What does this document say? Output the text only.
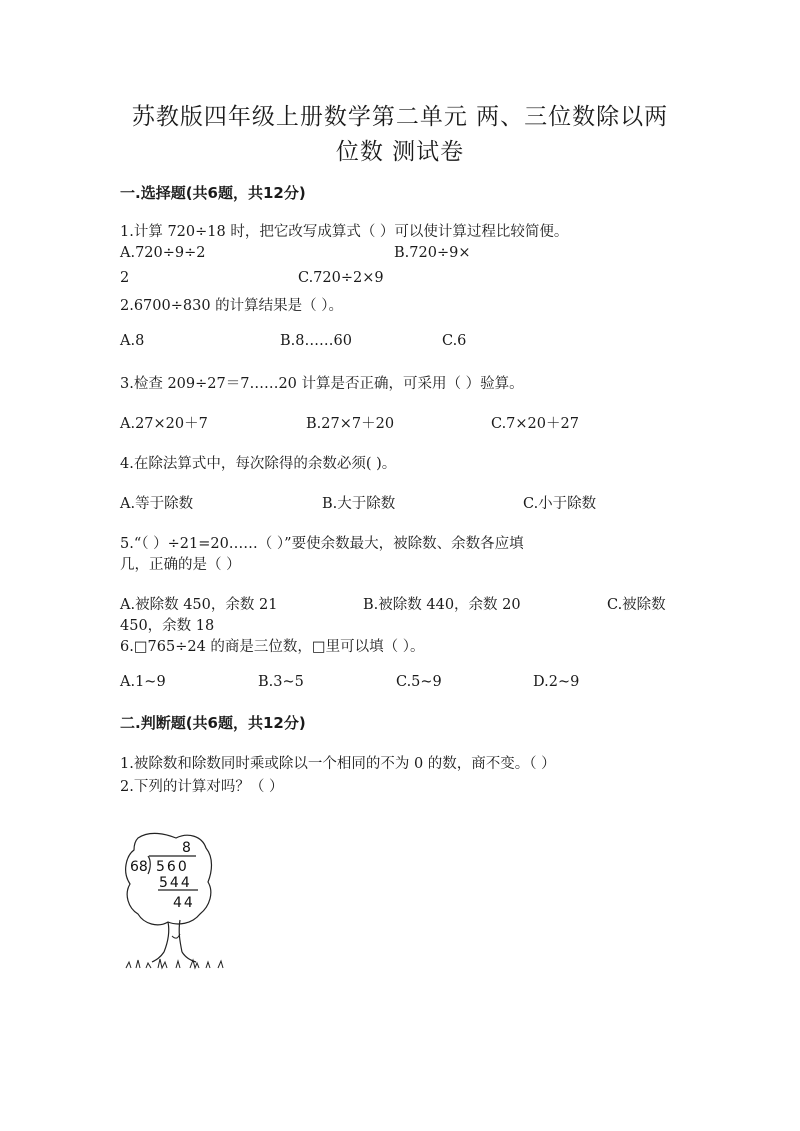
苏教版四年级上册数学第二单元 两、三位数除以两
位数 测试卷
一.选择题(共6题，共12分)
1.计算 720÷18 时，把它改写成算式（ ）可以使计算过程比较简便。
A.720÷9÷2	B.720÷9×
2	C.720÷2×9
2.6700÷830 的计算结果是（ ）。
A.8	B.8……60	C.6
3.检查 209÷27＝7……20 计算是否正确，可采用（ ）验算。
A.27×20＋7	B.27×7＋20	C.7×20＋27
4.在除法算式中，每次除得的余数必须( )。
A.等于除数	B.大于除数	C.小于除数
5.“（ ）÷21=20……（ ）”要使余数最大，被除数、余数各应填
几，正确的是（ ）
A.被除数 450，余数 21	B.被除数 440，余数 20	C.被除数
450，余数 18
6.□765÷24 的商是三位数，□里可以填（ ）。
A.1~9	B.3~5	C.5~9	D.2~9
二.判断题(共6题，共12分)
1.被除数和除数同时乘或除以一个相同的不为 0 的数，商不变。（ ）
2.下列的计算对吗？（ ）
8
68 560
544
44
